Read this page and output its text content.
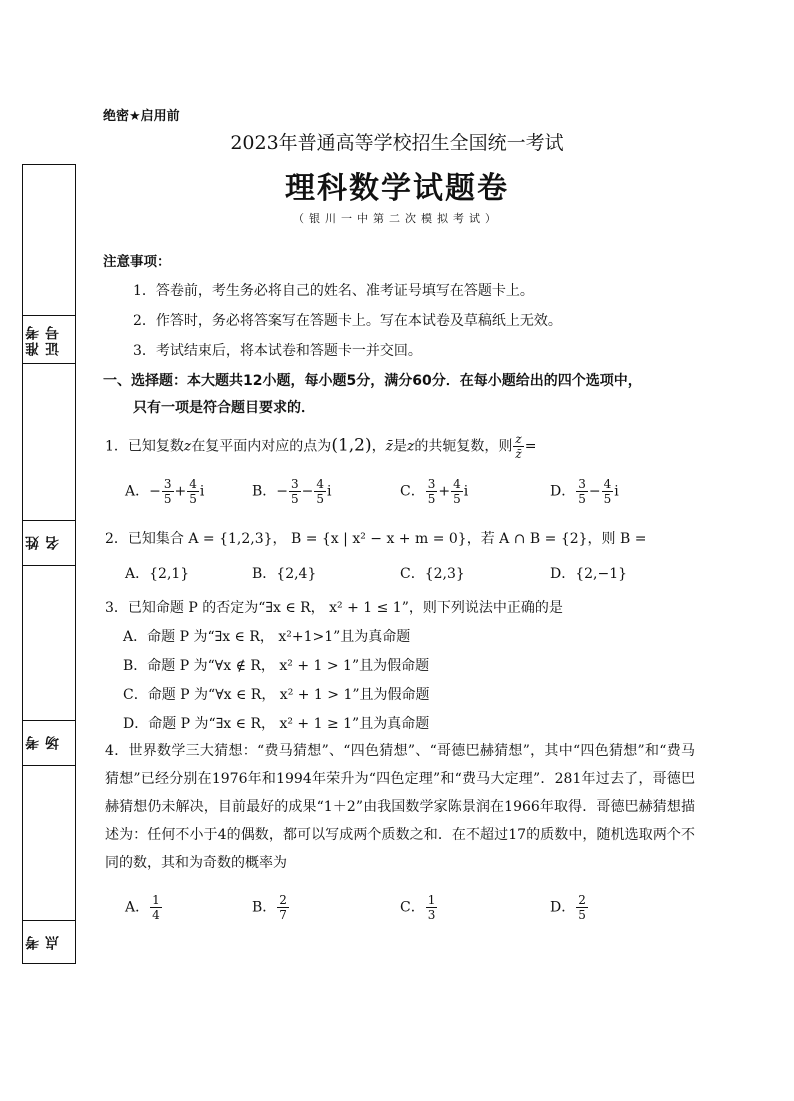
准考证号
姓名
考场
考点
绝密★启用前
2023年普通高等学校招生全国统一考试
理科数学试题卷
（银川一中第二次模拟考试）
注意事项：
1．答卷前，考生务必将自己的姓名、准考证号填写在答题卡上。
2．作答时，务必将答案写在答题卡上。写在本试卷及草稿纸上无效。
3．考试结束后，将本试卷和答题卡一并交回。
一、选择题：本大题共12小题，每小题5分，满分60分．在每小题给出的四个选项中，
只有一项是符合题目要求的．
1．已知复数z在复平面内对应的点为(1,2)，z̄是z的共轭复数，则 $\frac{z}{z̄}$ =
A．− $\frac{3}{5} + \frac{4}{5}$ i	B．− $\frac{3}{5} - \frac{4}{5}$ i	C． $\frac{3}{5} + \frac{4}{5}$ i	D． $\frac{3}{5} - \frac{4}{5}$ i
2．已知集合 A = {1,2,3}， B = {x | x² − x + m = 0}，若 A ∩ B = {2}，则 B =
A．{2,1}	B．{2,4}	C．{2,3}	D．{2,−1}
3．已知命题 P 的否定为“∃x ∈ R， x² + 1 ≤ 1”，则下列说法中正确的是
A．命题 P 为“∃x ∈ R， x²+1>1”且为真命题
B．命题 P 为“∀x ∉ R， x² + 1 > 1”且为假命题
C．命题 P 为“∀x ∈ R， x² + 1 > 1”且为假命题
D．命题 P 为“∃x ∈ R， x² + 1 ≥ 1”且为真命题
4．世界数学三大猜想：“费马猜想”、“四色猜想”、“哥德巴赫猜想”，其中“四色猜想”和“费马猜想”已经分别在1976年和1994年荣升为“四色定理”和“费马大定理”．281年过去了，哥德巴赫猜想仍未解决，目前最好的成果“1＋2”由我国数学家陈景润在1966年取得．哥德巴赫猜想描述为：任何不小于4的偶数，都可以写成两个质数之和．在不超过17的质数中，随机选取两个不同的数，其和为奇数的概率为
A． $\frac{1}{4}$	B． $\frac{2}{7}$	C． $\frac{1}{3}$	D． $\frac{2}{5}$
